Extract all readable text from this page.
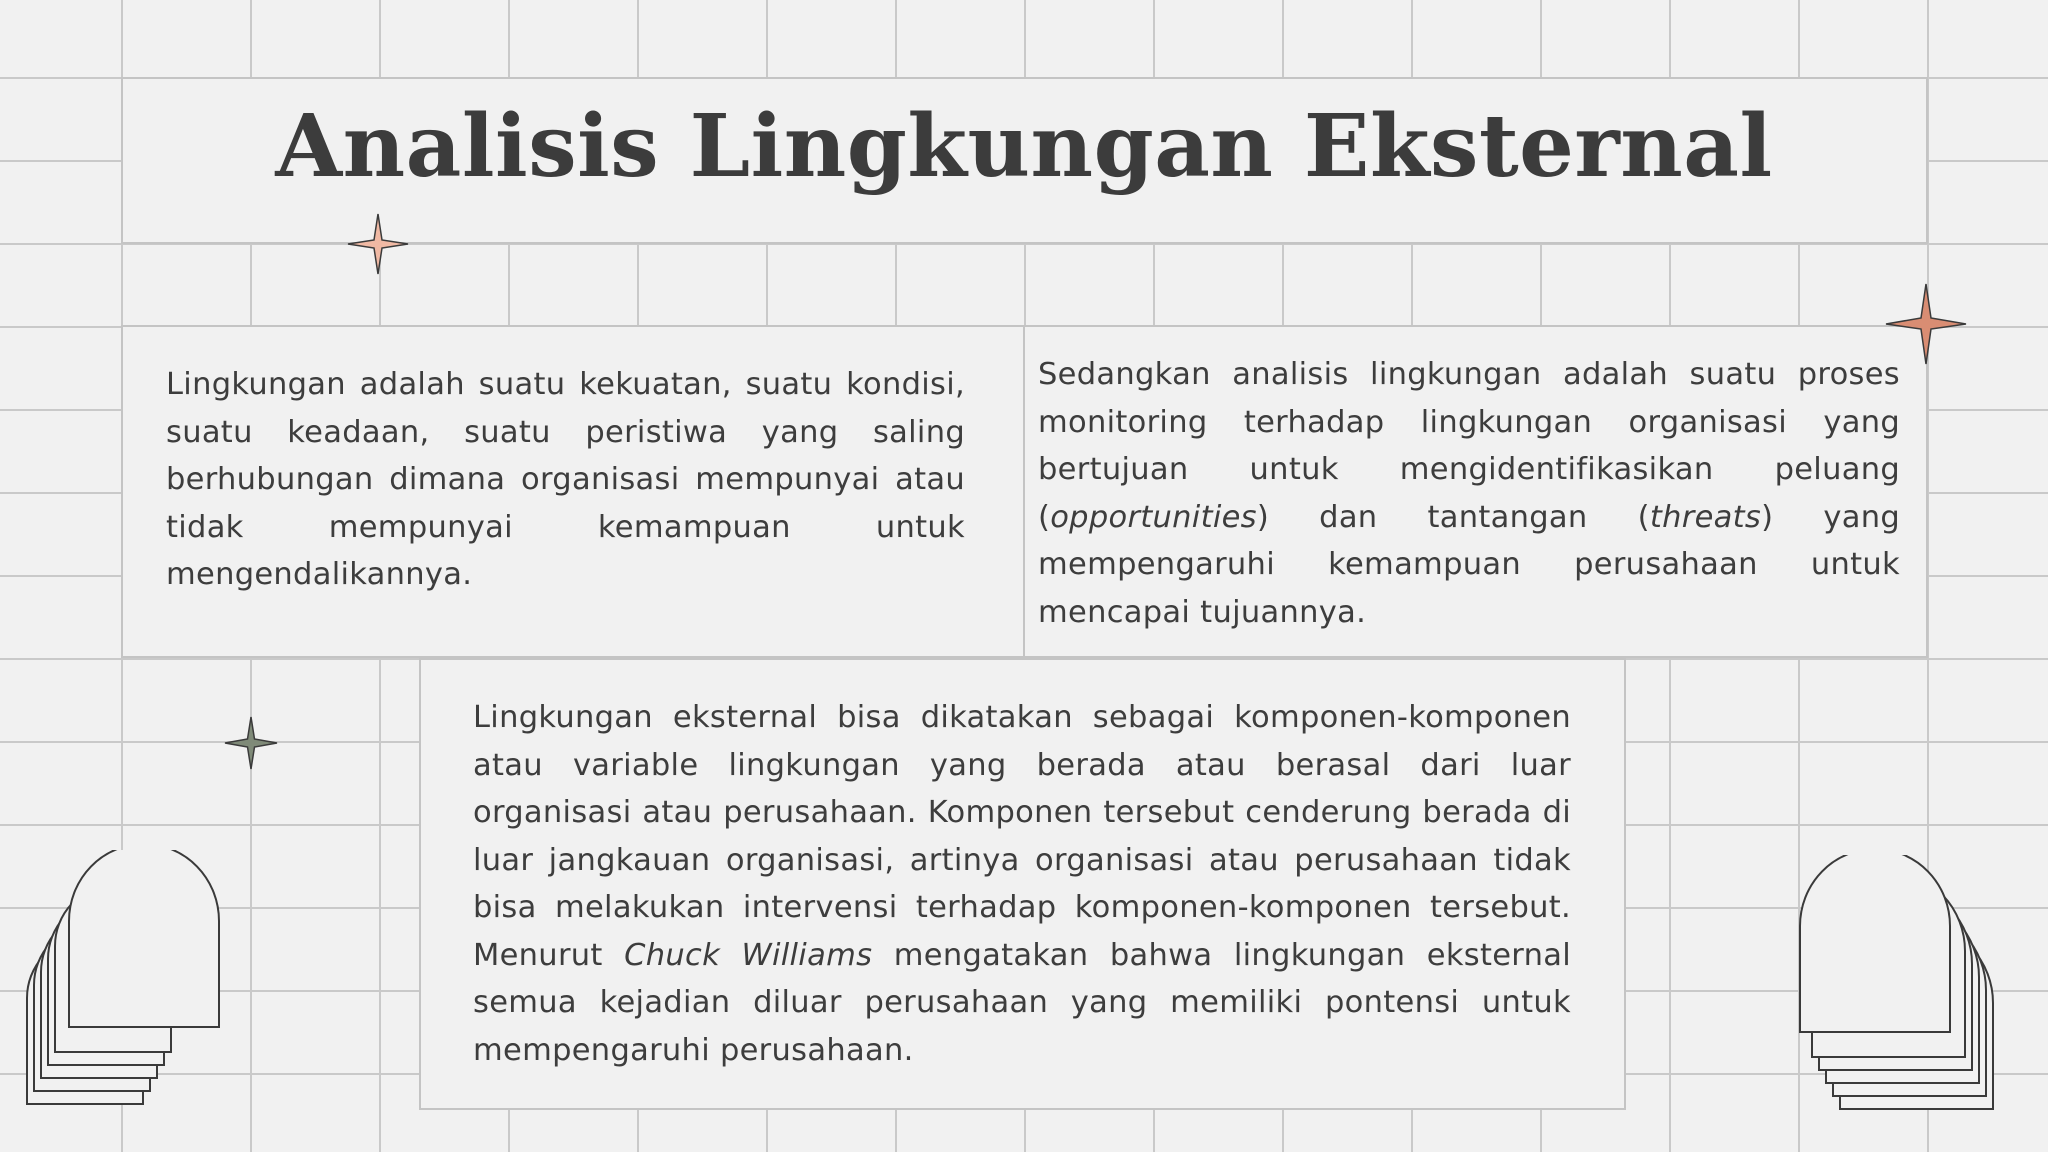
Analisis Lingkungan Eksternal

Lingkungan adalah suatu kekuatan, suatu kondisi, suatu keadaan, suatu peristiwa yang saling berhubungan dimana organisasi mempunyai atau tidak mempunyai kemampuan untuk mengendalikannya.

Sedangkan analisis lingkungan adalah suatu proses monitoring terhadap lingkungan organisasi yang bertujuan untuk mengidentifikasikan peluang (opportunities) dan tantangan (threats) yang mempengaruhi kemampuan perusahaan untuk mencapai tujuannya.

Lingkungan eksternal bisa dikatakan sebagai komponen-komponen atau variable lingkungan yang berada atau berasal dari luar organisasi atau perusahaan. Komponen tersebut cenderung berada di luar jangkauan organisasi, artinya organisasi atau perusahaan tidak bisa melakukan intervensi terhadap komponen-komponen tersebut. Menurut Chuck Williams mengatakan bahwa lingkungan eksternal semua kejadian diluar perusahaan yang memiliki pontensi untuk mempengaruhi perusahaan.
